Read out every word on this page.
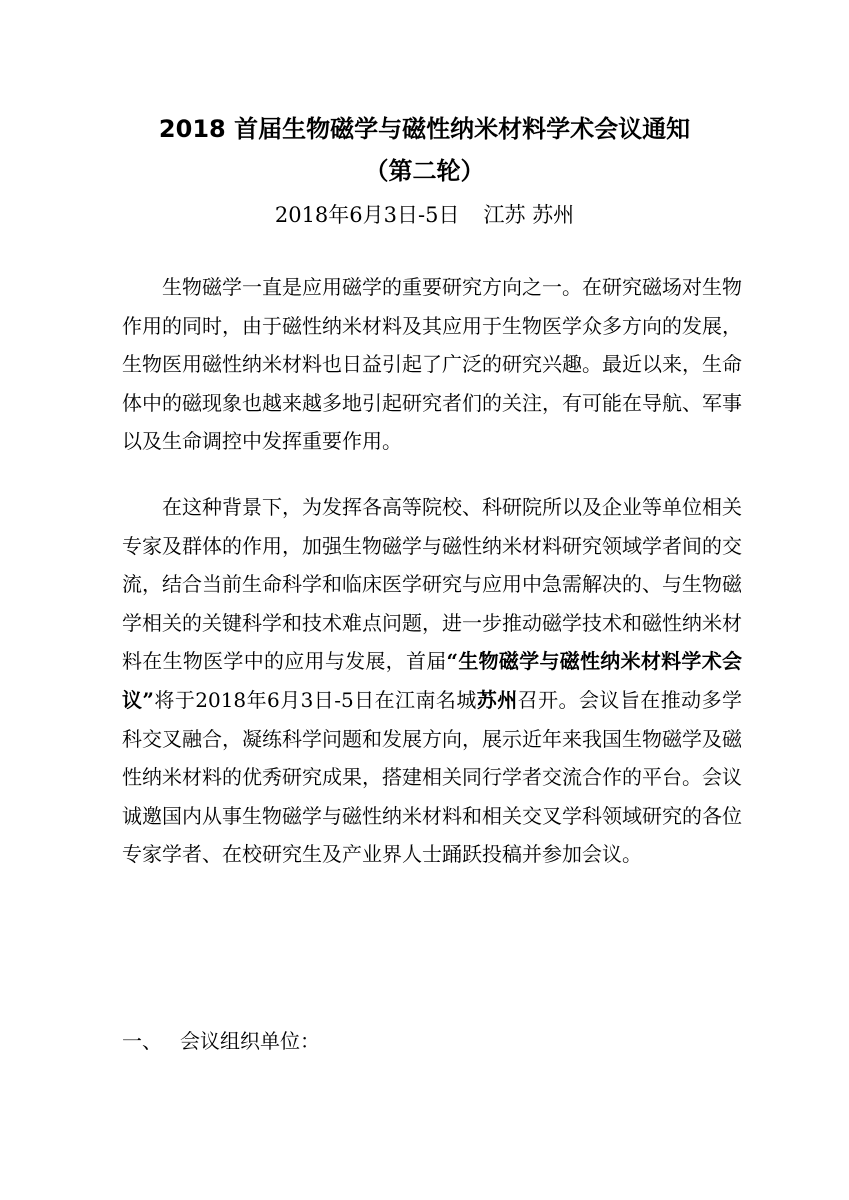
2018 首届生物磁学与磁性纳米材料学术会议通知
（第二轮）
2018年6月3日-5日 江苏 苏州

生物磁学一直是应用磁学的重要研究方向之一。在研究磁场对生物作用的同时，由于磁性纳米材料及其应用于生物医学众多方向的发展，生物医用磁性纳米材料也日益引起了广泛的研究兴趣。最近以来，生命体中的磁现象也越来越多地引起研究者们的关注，有可能在导航、军事以及生命调控中发挥重要作用。

在这种背景下，为发挥各高等院校、科研院所以及企业等单位相关专家及群体的作用，加强生物磁学与磁性纳米材料研究领域学者间的交流，结合当前生命科学和临床医学研究与应用中急需解决的、与生物磁学相关的关键科学和技术难点问题，进一步推动磁学技术和磁性纳米材料在生物医学中的应用与发展，首届“生物磁学与磁性纳米材料学术会议”将于2018年6月3日-5日在江南名城苏州召开。会议旨在推动多学科交叉融合，凝练科学问题和发展方向，展示近年来我国生物磁学及磁性纳米材料的优秀研究成果，搭建相关同行学者交流合作的平台。会议诚邀国内从事生物磁学与磁性纳米材料和相关交叉学科领域研究的各位专家学者、在校研究生及产业界人士踊跃投稿并参加会议。

一、 会议组织单位：
